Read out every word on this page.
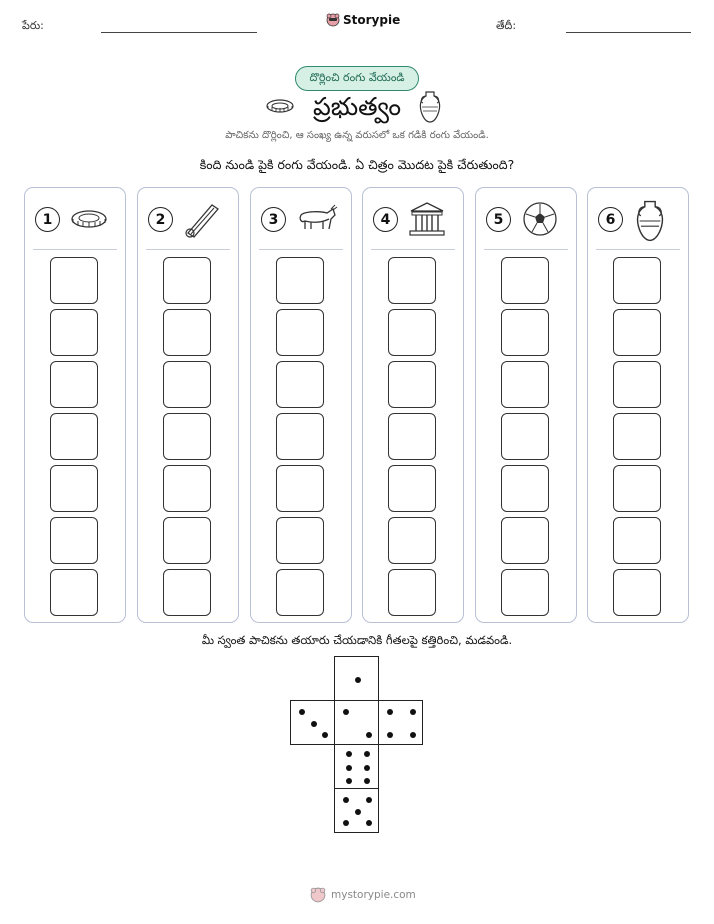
పేరు:	Storypie	తేదీ:
దొర్లించి రంగు వేయండి
ప్రభుత్వం
పాచికను దొర్లించి, ఆ సంఖ్య ఉన్న వరుసలో ఒక గడికి రంగు వేయండి.
కింది నుండి పైకి రంగు వేయండి. ఏ చిత్రం మొదట పైకి చేరుతుంది?
1	2	3	4	5	6
మీ స్వంత పాచికను తయారు చేయడానికి గీతలపై కత్తిరించి, మడవండి.
mystorypie.com
